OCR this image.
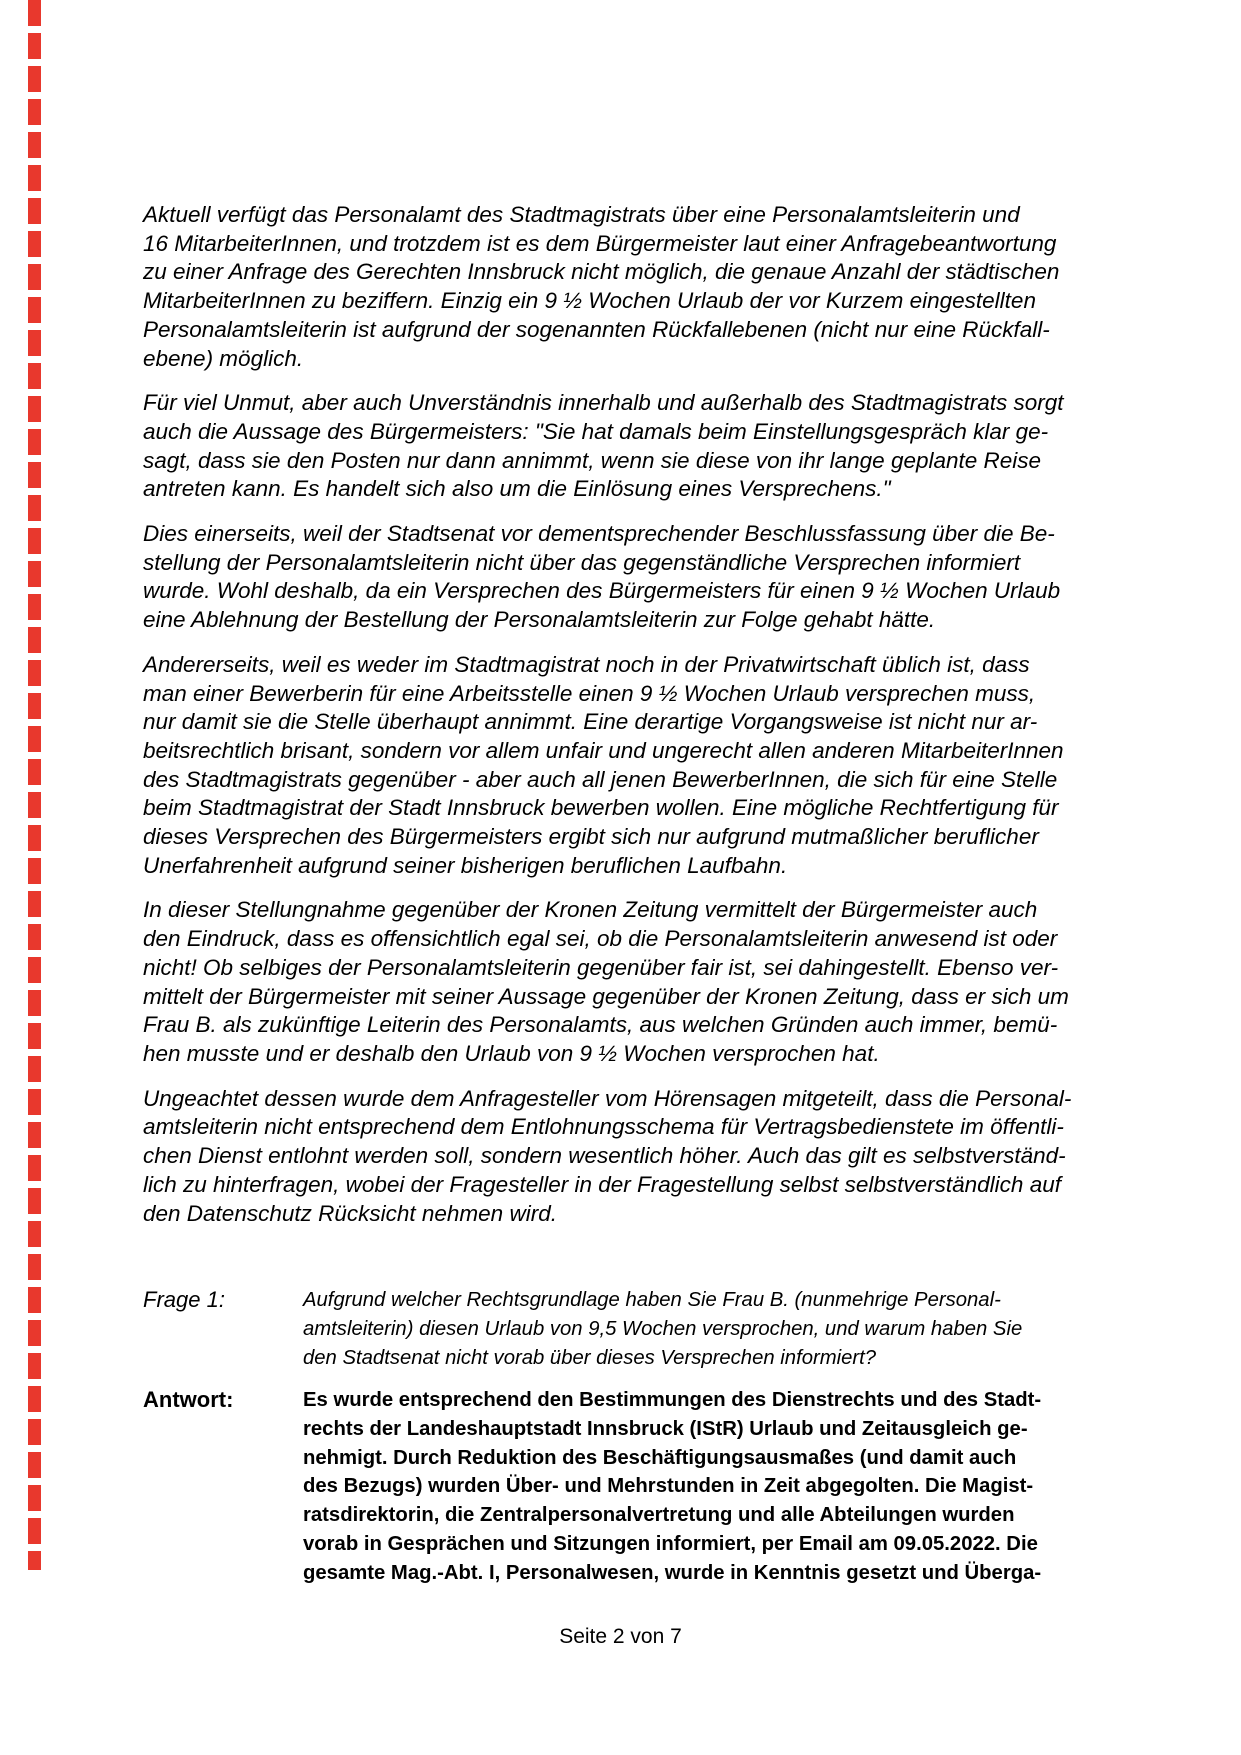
Aktuell verfügt das Personalamt des Stadtmagistrats über eine Personalamtsleiterin und
16 MitarbeiterInnen, und trotzdem ist es dem Bürgermeister laut einer Anfragebeantwortung
zu einer Anfrage des Gerechten Innsbruck nicht möglich, die genaue Anzahl der städtischen
MitarbeiterInnen zu beziffern. Einzig ein 9 ½ Wochen Urlaub der vor Kurzem eingestellten
Personalamtsleiterin ist aufgrund der sogenannten Rückfallebenen (nicht nur eine Rückfall-
ebene) möglich.
Für viel Unmut, aber auch Unverständnis innerhalb und außerhalb des Stadtmagistrats sorgt
auch die Aussage des Bürgermeisters: "Sie hat damals beim Einstellungsgespräch klar ge-
sagt, dass sie den Posten nur dann annimmt, wenn sie diese von ihr lange geplante Reise
antreten kann. Es handelt sich also um die Einlösung eines Versprechens."
Dies einerseits, weil der Stadtsenat vor dementsprechender Beschlussfassung über die Be-
stellung der Personalamtsleiterin nicht über das gegenständliche Versprechen informiert
wurde. Wohl deshalb, da ein Versprechen des Bürgermeisters für einen 9 ½ Wochen Urlaub
eine Ablehnung der Bestellung der Personalamtsleiterin zur Folge gehabt hätte.
Andererseits, weil es weder im Stadtmagistrat noch in der Privatwirtschaft üblich ist, dass
man einer Bewerberin für eine Arbeitsstelle einen 9 ½ Wochen Urlaub versprechen muss,
nur damit sie die Stelle überhaupt annimmt. Eine derartige Vorgangsweise ist nicht nur ar-
beitsrechtlich brisant, sondern vor allem unfair und ungerecht allen anderen MitarbeiterInnen
des Stadtmagistrats gegenüber - aber auch all jenen BewerberInnen, die sich für eine Stelle
beim Stadtmagistrat der Stadt Innsbruck bewerben wollen. Eine mögliche Rechtfertigung für
dieses Versprechen des Bürgermeisters ergibt sich nur aufgrund mutmaßlicher beruflicher
Unerfahrenheit aufgrund seiner bisherigen beruflichen Laufbahn.
In dieser Stellungnahme gegenüber der Kronen Zeitung vermittelt der Bürgermeister auch
den Eindruck, dass es offensichtlich egal sei, ob die Personalamtsleiterin anwesend ist oder
nicht! Ob selbiges der Personalamtsleiterin gegenüber fair ist, sei dahingestellt. Ebenso ver-
mittelt der Bürgermeister mit seiner Aussage gegenüber der Kronen Zeitung, dass er sich um
Frau B. als zukünftige Leiterin des Personalamts, aus welchen Gründen auch immer, bemü-
hen musste und er deshalb den Urlaub von 9 ½ Wochen versprochen hat.
Ungeachtet dessen wurde dem Anfragesteller vom Hörensagen mitgeteilt, dass die Personal-
amtsleiterin nicht entsprechend dem Entlohnungsschema für Vertragsbedienstete im öffentli-
chen Dienst entlohnt werden soll, sondern wesentlich höher. Auch das gilt es selbstverständ-
lich zu hinterfragen, wobei der Fragesteller in der Fragestellung selbst selbstverständlich auf
den Datenschutz Rücksicht nehmen wird.
Frage 1:	Aufgrund welcher Rechtsgrundlage haben Sie Frau B. (nunmehrige Personal-
amtsleiterin) diesen Urlaub von 9,5 Wochen versprochen, und warum haben Sie
den Stadtsenat nicht vorab über dieses Versprechen informiert?
Antwort:	Es wurde entsprechend den Bestimmungen des Dienstrechts und des Stadt-
rechts der Landeshauptstadt Innsbruck (IStR) Urlaub und Zeitausgleich ge-
nehmigt. Durch Reduktion des Beschäftigungsausmaßes (und damit auch
des Bezugs) wurden Über- und Mehrstunden in Zeit abgegolten. Die Magist-
ratsdirektorin, die Zentralpersonalvertretung und alle Abteilungen wurden
vorab in Gesprächen und Sitzungen informiert, per Email am 09.05.2022. Die
gesamte Mag.-Abt. I, Personalwesen, wurde in Kenntnis gesetzt und Überga-
Seite 2 von 7
